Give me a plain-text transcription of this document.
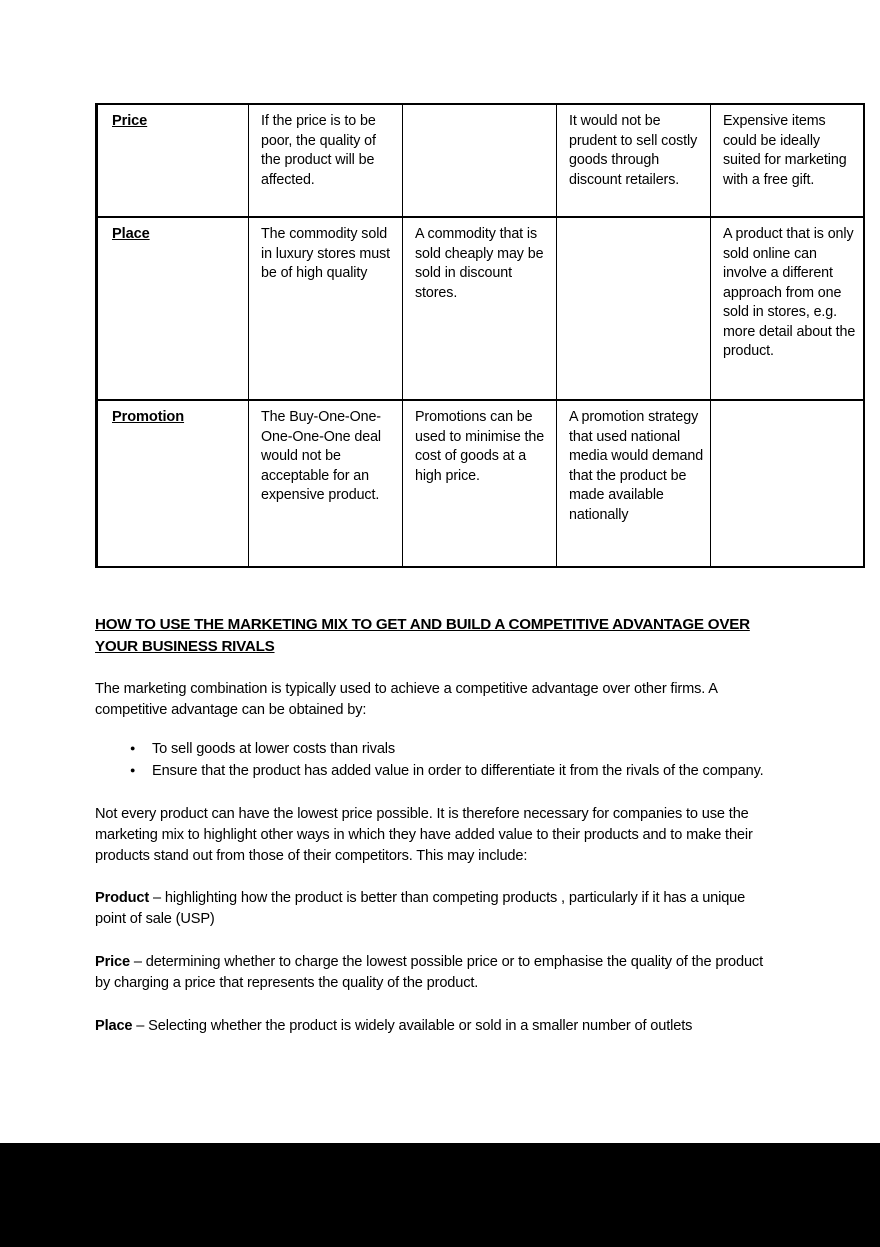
Price	If the price is to be poor, the quality of the product will be affected.		It would not be prudent to sell costly goods through discount retailers.	Expensive items could be ideally suited for marketing with a free gift.
Place	The commodity sold in luxury stores must be of high quality	A commodity that is sold cheaply may be sold in discount stores.		A product that is only sold online can involve a different approach from one sold in stores, e.g. more detail about the product.
Promotion	The Buy-One-One-One-One-One deal would not be acceptable for an expensive product.	Promotions can be used to minimise the cost of goods at a high price.	A promotion strategy that used national media would demand that the product be made available nationally	
HOW TO USE THE MARKETING MIX TO GET AND BUILD A COMPETITIVE ADVANTAGE OVER YOUR BUSINESS RIVALS

The marketing combination is typically used to achieve a competitive advantage over other firms. A competitive advantage can be obtained by:

● To sell goods at lower costs than rivals
● Ensure that the product has added value in order to differentiate it from the rivals of the company.

Not every product can have the lowest price possible. It is therefore necessary for companies to use the marketing mix to highlight other ways in which they have added value to their products and to make their products stand out from those of their competitors. This may include:

Product – highlighting how the product is better than competing products , particularly if it has a unique point of sale (USP)

Price – determining whether to charge the lowest possible price or to emphasise the quality of the product by charging a price that represents the quality of the product.

Place – Selecting whether the product is widely available or sold in a smaller number of outlets
